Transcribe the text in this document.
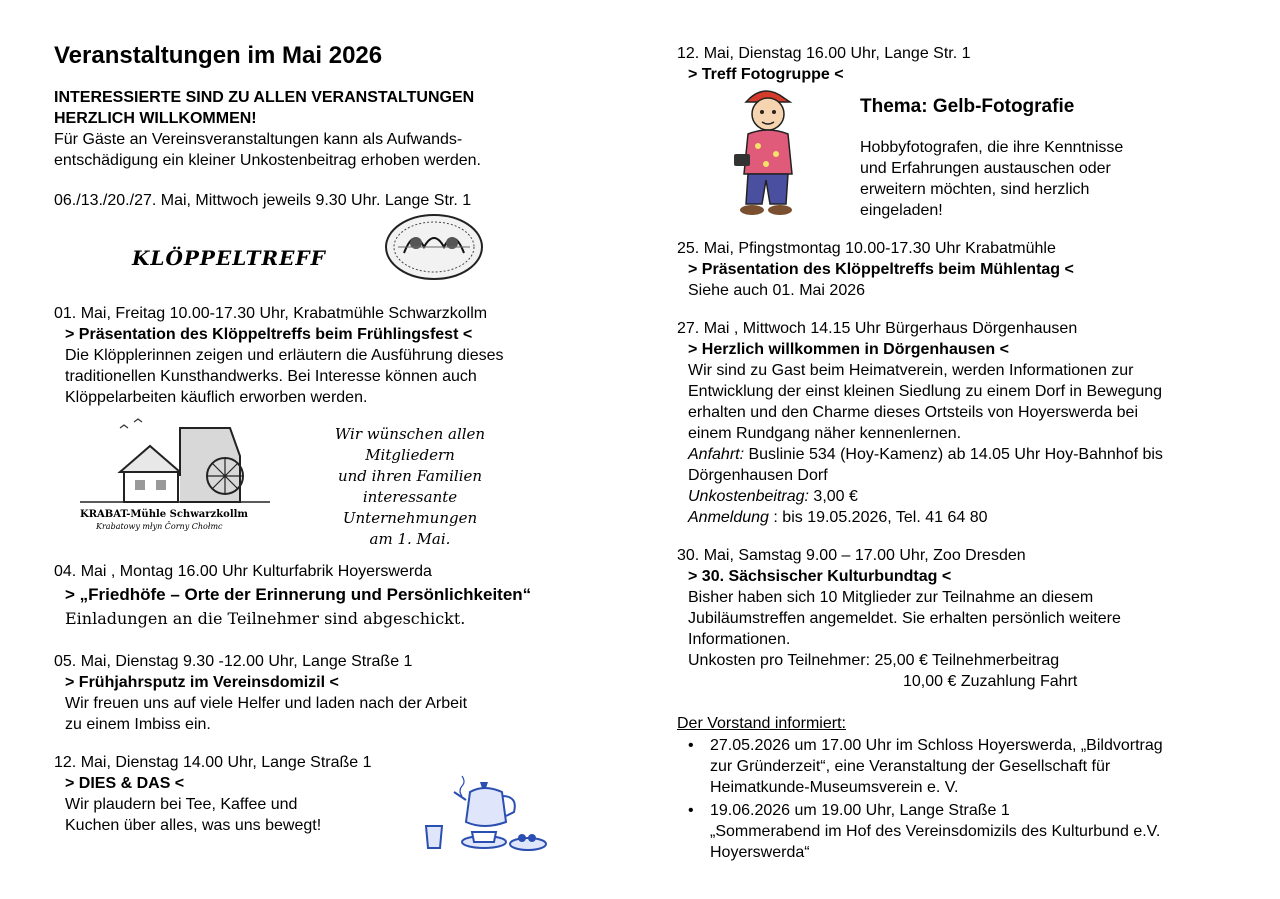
Veranstaltungen im Mai 2026
INTERESSIERTE SIND ZU ALLEN VERANSTALTUNGEN
HERZLICH WILLKOMMEN!
Für Gäste an Vereinsveranstaltungen kann als Aufwands-
entschädigung ein kleiner Unkostenbeitrag erhoben werden.
06./13./20./27. Mai, Mittwoch jeweils 9.30 Uhr. Lange Str. 1
KLÖPPELTREFF
01. Mai, Freitag 10.00-17.30 Uhr, Krabatmühle Schwarzkollm
> Präsentation des Klöppeltreffs beim Frühlingsfest <
Die Klöpplerinnen zeigen und erläutern die Ausführung dieses
traditionellen Kunsthandwerks. Bei Interesse können auch
Klöppelarbeiten käuflich erworben werden.
KRABAT-Mühle Schwarzkollm
Krabatowy młyn Čorny Chołmc
Wir wünschen allen
Mitgliedern
und ihren Familien
interessante
Unternehmungen
am 1. Mai.
04. Mai , Montag 16.00 Uhr Kulturfabrik Hoyerswerda
> „Friedhöfe – Orte der Erinnerung und Persönlichkeiten“
Einladungen an die Teilnehmer sind abgeschickt.
05. Mai, Dienstag 9.30 -12.00 Uhr, Lange Straße 1
> Frühjahrsputz im Vereinsdomizil <
Wir freuen uns auf viele Helfer und laden nach der Arbeit
zu einem Imbiss ein.
12. Mai, Dienstag 14.00 Uhr, Lange Straße 1
> DIES & DAS <
Wir plaudern bei Tee, Kaffee und
Kuchen über alles, was uns bewegt!
12. Mai, Dienstag 16.00 Uhr, Lange Str. 1
> Treff Fotogruppe <
Thema: Gelb-Fotografie
Hobbyfotografen, die ihre Kenntnisse
und Erfahrungen austauschen oder
erweitern möchten, sind herzlich
eingeladen!
25. Mai, Pfingstmontag 10.00-17.30 Uhr Krabatmühle
> Präsentation des Klöppeltreffs beim Mühlentag <
Siehe auch 01. Mai 2026
27. Mai , Mittwoch 14.15 Uhr Bürgerhaus Dörgenhausen
> Herzlich willkommen in Dörgenhausen <
Wir sind zu Gast beim Heimatverein, werden Informationen zur
Entwicklung der einst kleinen Siedlung zu einem Dorf in Bewegung
erhalten und den Charme dieses Ortsteils von Hoyerswerda bei
einem Rundgang näher kennenlernen.
Anfahrt: Buslinie 534 (Hoy-Kamenz) ab 14.05 Uhr Hoy-Bahnhof bis
Dörgenhausen Dorf
Unkostenbeitrag: 3,00 €
Anmeldung : bis 19.05.2026, Tel. 41 64 80
30. Mai, Samstag 9.00 – 17.00 Uhr, Zoo Dresden
> 30. Sächsischer Kulturbundtag <
Bisher haben sich 10 Mitglieder zur Teilnahme an diesem
Jubiläumstreffen angemeldet. Sie erhalten persönlich weitere
Informationen.
Unkosten pro Teilnehmer: 25,00 € Teilnehmerbeitrag
10,00 € Zuzahlung Fahrt
Der Vorstand informiert:
• 27.05.2026 um 17.00 Uhr im Schloss Hoyerswerda, „Bildvortrag
zur Gründerzeit“, eine Veranstaltung der Gesellschaft für
Heimatkunde-Museumsverein e. V.
• 19.06.2026 um 19.00 Uhr, Lange Straße 1
„Sommerabend im Hof des Vereinsdomizils des Kulturbund e.V.
Hoyerswerda“
